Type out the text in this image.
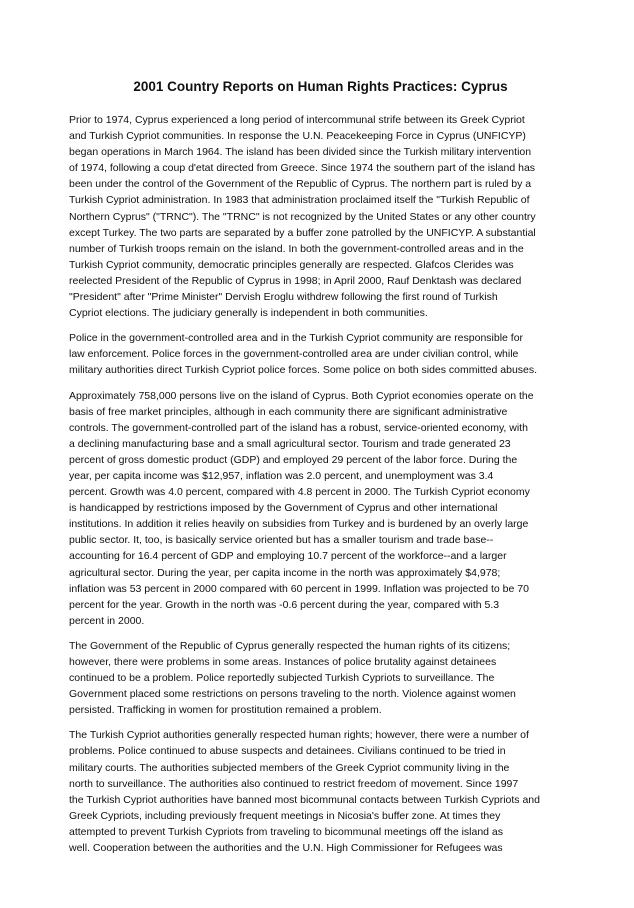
2001 Country Reports on Human Rights Practices: Cyprus

Prior to 1974, Cyprus experienced a long period of intercommunal strife between its Greek Cypriot
and Turkish Cypriot communities. In response the U.N. Peacekeeping Force in Cyprus (UNFICYP)
began operations in March 1964. The island has been divided since the Turkish military intervention
of 1974, following a coup d'etat directed from Greece. Since 1974 the southern part of the island has
been under the control of the Government of the Republic of Cyprus. The northern part is ruled by a
Turkish Cypriot administration. In 1983 that administration proclaimed itself the "Turkish Republic of
Northern Cyprus" ("TRNC"). The "TRNC" is not recognized by the United States or any other country
except Turkey. The two parts are separated by a buffer zone patrolled by the UNFICYP. A substantial
number of Turkish troops remain on the island. In both the government-controlled areas and in the
Turkish Cypriot community, democratic principles generally are respected. Glafcos Clerides was
reelected President of the Republic of Cyprus in 1998; in April 2000, Rauf Denktash was declared
"President" after "Prime Minister" Dervish Eroglu withdrew following the first round of Turkish
Cypriot elections. The judiciary generally is independent in both communities.

Police in the government-controlled area and in the Turkish Cypriot community are responsible for
law enforcement. Police forces in the government-controlled area are under civilian control, while
military authorities direct Turkish Cypriot police forces. Some police on both sides committed abuses.

Approximately 758,000 persons live on the island of Cyprus. Both Cypriot economies operate on the
basis of free market principles, although in each community there are significant administrative
controls. The government-controlled part of the island has a robust, service-oriented economy, with
a declining manufacturing base and a small agricultural sector. Tourism and trade generated 23
percent of gross domestic product (GDP) and employed 29 percent of the labor force. During the
year, per capita income was $12,957, inflation was 2.0 percent, and unemployment was 3.4
percent. Growth was 4.0 percent, compared with 4.8 percent in 2000. The Turkish Cypriot economy
is handicapped by restrictions imposed by the Government of Cyprus and other international
institutions. In addition it relies heavily on subsidies from Turkey and is burdened by an overly large
public sector. It, too, is basically service oriented but has a smaller tourism and trade base--
accounting for 16.4 percent of GDP and employing 10.7 percent of the workforce--and a larger
agricultural sector. During the year, per capita income in the north was approximately $4,978;
inflation was 53 percent in 2000 compared with 60 percent in 1999. Inflation was projected to be 70
percent for the year. Growth in the north was -0.6 percent during the year, compared with 5.3
percent in 2000.

The Government of the Republic of Cyprus generally respected the human rights of its citizens;
however, there were problems in some areas. Instances of police brutality against detainees
continued to be a problem. Police reportedly subjected Turkish Cypriots to surveillance. The
Government placed some restrictions on persons traveling to the north. Violence against women
persisted. Trafficking in women for prostitution remained a problem.

The Turkish Cypriot authorities generally respected human rights; however, there were a number of
problems. Police continued to abuse suspects and detainees. Civilians continued to be tried in
military courts. The authorities subjected members of the Greek Cypriot community living in the
north to surveillance. The authorities also continued to restrict freedom of movement. Since 1997
the Turkish Cypriot authorities have banned most bicommunal contacts between Turkish Cypriots and
Greek Cypriots, including previously frequent meetings in Nicosia's buffer zone. At times they
attempted to prevent Turkish Cypriots from traveling to bicommunal meetings off the island as
well. Cooperation between the authorities and the U.N. High Commissioner for Refugees was
